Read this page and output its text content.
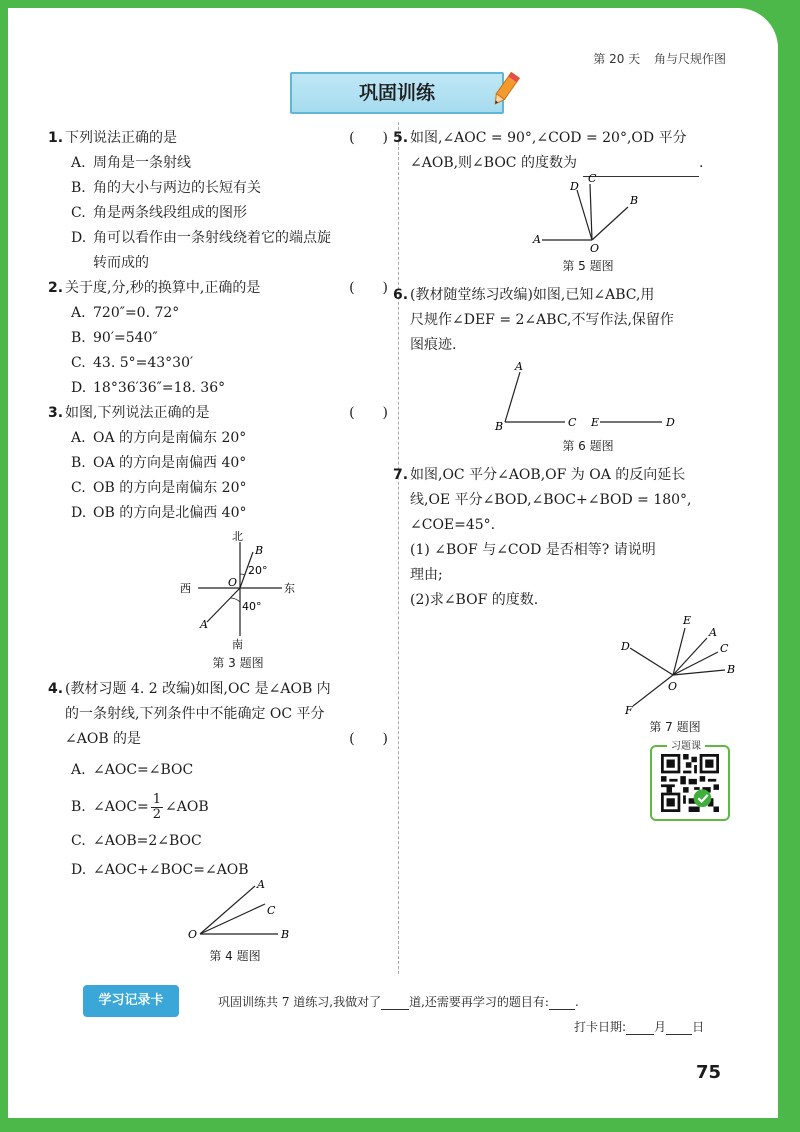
第 20 天 角与尺规作图
巩固训练
1. 下列说法正确的是	(　　)
A. 周角是一条射线
B. 角的大小与两边的长短有关
C. 角是两条线段组成的图形
D. 角可以看作由一条射线绕着它的端点旋
转而成的
2. 关于度,分,秒的换算中,正确的是	(　　)
A. 720″=0. 72°
B. 90′=540″
C. 43. 5°=43°30′
D. 18°36′36″=18. 36°
3. 如图,下列说法正确的是	(　　)
A. OA 的方向是南偏东 20°
B. OA 的方向是南偏西 40°
C. OB 的方向是南偏东 20°
D. OB 的方向是北偏西 40°
北
南
东
西
20°
40°
A
B
O
第 3 题图
4. (教材习题 4. 2 改编)如图,OC 是∠AOB 内
的一条射线,下列条件中不能确定 OC 平分
∠AOB 的是	(　　)
A. ∠AOC=∠BOC
B. ∠AOC= $\frac{1}{2}$ ∠AOB
C. ∠AOB=2∠BOC
D. ∠AOC+∠BOC=∠AOB
A
C
B
O
第 4 题图
5. 如图,∠AOC = 90°,∠COD = 20°,OD 平分
∠AOB,则∠BOC 的度数为	.
A
B
C
D
O
第 5 题图
6. (教材随堂练习改编)如图,已知∠ABC,用
尺规作∠DEF = 2∠ABC,不写作法,保留作
图痕迹.
A
B	C	D
E
第 6 题图
7. 如图,OC 平分∠AOB,OF 为 OA 的反向延长
线,OE 平分∠BOD,∠BOC+∠BOD = 180°,
∠COE=45°.
(1) ∠BOF 与∠COD 是否相等? 请说明
理由;
(2)求∠BOF 的度数.
A
B
C
D
E
F
O
第 7 题图
习题课
学习记录卡	巩固训练共 7 道练习,我做对了 道,还需要再学习的题目有: .
打卡日期: 月 日
75
